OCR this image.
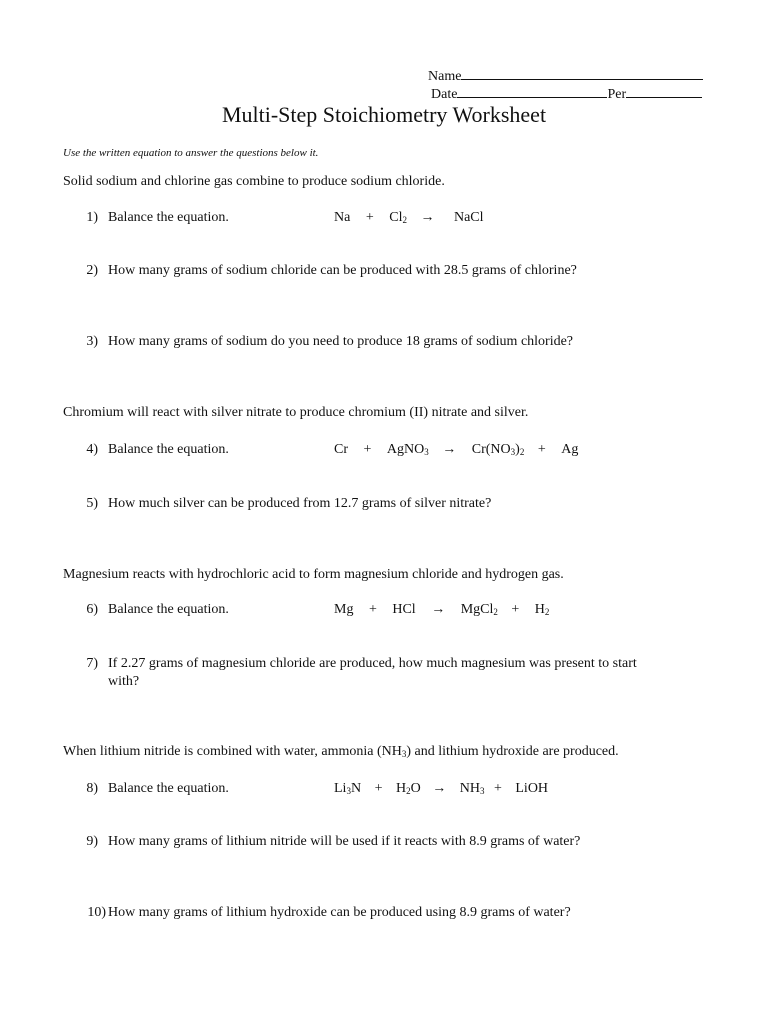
Name
Date	Per
Multi-Step Stoichiometry Worksheet
Use the written equation to answer the questions below it.
Solid sodium and chlorine gas combine to produce sodium chloride.
1) Balance the equation.	$Na + Cl_2$ → NaCl
2) How many grams of sodium chloride can be produced with 28.5 grams of chlorine?
3) How many grams of sodium do you need to produce 18 grams of sodium chloride?
Chromium will react with silver nitrate to produce chromium (II) nitrate and silver.
4) Balance the equation.	Cr + AgNO$_3$ → $Cr(NO_3)_2 + Ag$
5) How much silver can be produced from 12.7 grams of silver nitrate?
Magnesium reacts with hydrochloric acid to form magnesium chloride and hydrogen gas.
6) Balance the equation.	Mg + HCl → MgCl$_2$ + $H_2$
7) If 2.27 grams of magnesium chloride are produced, how much magnesium was present to start
with?
When lithium nitride is combined with water, ammonia $(NH_3)$ and lithium hydroxide are produced.
8) Balance the equation.	$Li_3N + H_2O \to NH_3$ + LiOH
9) How many grams of lithium nitride will be used if it reacts with 8.9 grams of water?
10) How many grams of lithium hydroxide can be produced using 8.9 grams of water?
